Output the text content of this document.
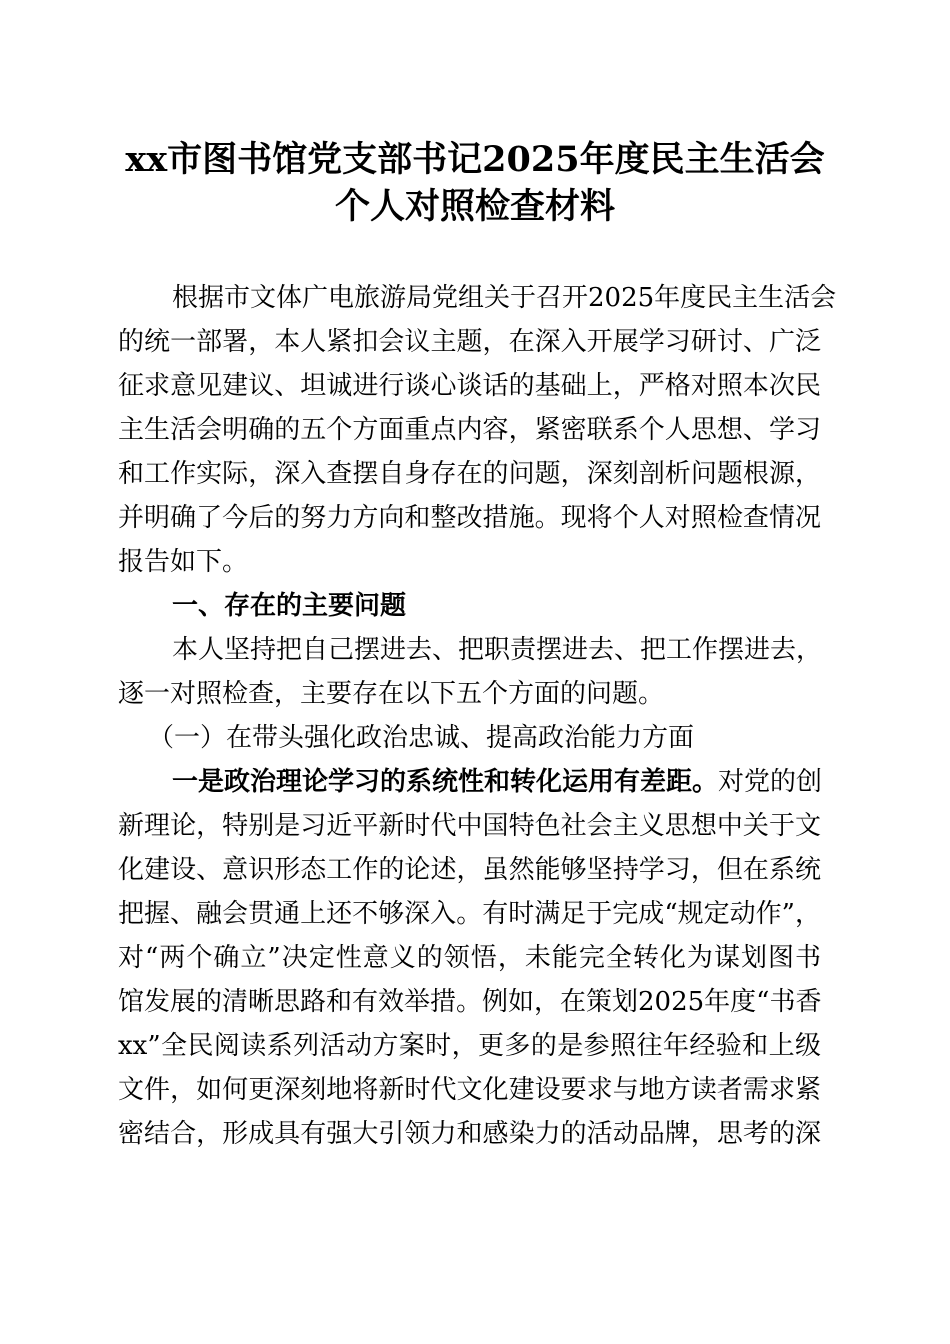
xx市图书馆党支部书记2025年度民主生活会
个人对照检查材料
根据市文体广电旅游局党组关于召开2025年度民主生活会
的统一部署，本人紧扣会议主题，在深入开展学习研讨、广泛
征求意见建议、坦诚进行谈心谈话的基础上，严格对照本次民
主生活会明确的五个方面重点内容，紧密联系个人思想、学习
和工作实际，深入查摆自身存在的问题，深刻剖析问题根源，
并明确了今后的努力方向和整改措施。现将个人对照检查情况
报告如下。
一、存在的主要问题
本人坚持把自己摆进去、把职责摆进去、把工作摆进去，
逐一对照检查，主要存在以下五个方面的问题。
（一）在带头强化政治忠诚、提高政治能力方面
一是政治理论学习的系统性和转化运用有差距。对党的创
新理论，特别是习近平新时代中国特色社会主义思想中关于文
化建设、意识形态工作的论述，虽然能够坚持学习，但在系统
把握、融会贯通上还不够深入。有时满足于完成“规定动作”，
对“两个确立”决定性意义的领悟，未能完全转化为谋划图书
馆发展的清晰思路和有效举措。例如，在策划2025年度“书香
xx”全民阅读系列活动方案时，更多的是参照往年经验和上级
文件，如何更深刻地将新时代文化建设要求与地方读者需求紧
密结合，形成具有强大引领力和感染力的活动品牌，思考的深
